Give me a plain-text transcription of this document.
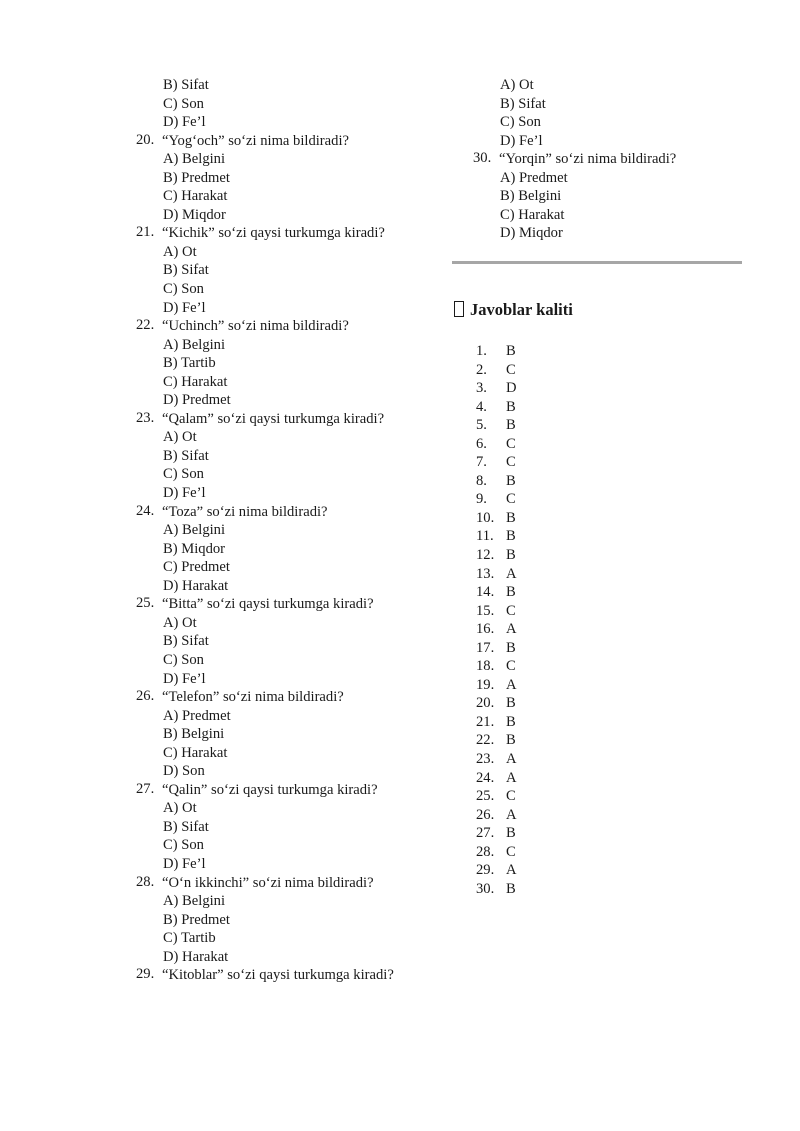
B) Sifat
C) Son
D) Fe’l
20. “Yog‘och” so‘zi nima bildiradi?
A) Belgini
B) Predmet
C) Harakat
D) Miqdor
21. “Kichik” so‘zi qaysi turkumga kiradi?
A) Ot
B) Sifat
C) Son
D) Fe’l
22. “Uchinch” so‘zi nima bildiradi?
A) Belgini
B) Tartib
C) Harakat
D) Predmet
23. “Qalam” so‘zi qaysi turkumga kiradi?
A) Ot
B) Sifat
C) Son
D) Fe’l
24. “Toza” so‘zi nima bildiradi?
A) Belgini
B) Miqdor
C) Predmet
D) Harakat
25. “Bitta” so‘zi qaysi turkumga kiradi?
A) Ot
B) Sifat
C) Son
D) Fe’l
26. “Telefon” so‘zi nima bildiradi?
A) Predmet
B) Belgini
C) Harakat
D) Son
27. “Qalin” so‘zi qaysi turkumga kiradi?
A) Ot
B) Sifat
C) Son
D) Fe’l
28. “O‘n ikkinchi” so‘zi nima bildiradi?
A) Belgini
B) Predmet
C) Tartib
D) Harakat
29. “Kitoblar” so‘zi qaysi turkumga kiradi?
A) Ot
B) Sifat
C) Son
D) Fe’l
30. “Yorqin” so‘zi nima bildiradi?
A) Predmet
B) Belgini
C) Harakat
D) Miqdor
Javoblar kaliti
1.	B
2.	C
3.	D
4.	B
5.	B
6.	C
7.	C
8.	B
9.	C
10. B
11. B
12. B
13. A
14. B
15. C
16. A
17. B
18. C
19. A
20. B
21. B
22. B
23. A
24. A
25. C
26. A
27. B
28. C
29. A
30. B
